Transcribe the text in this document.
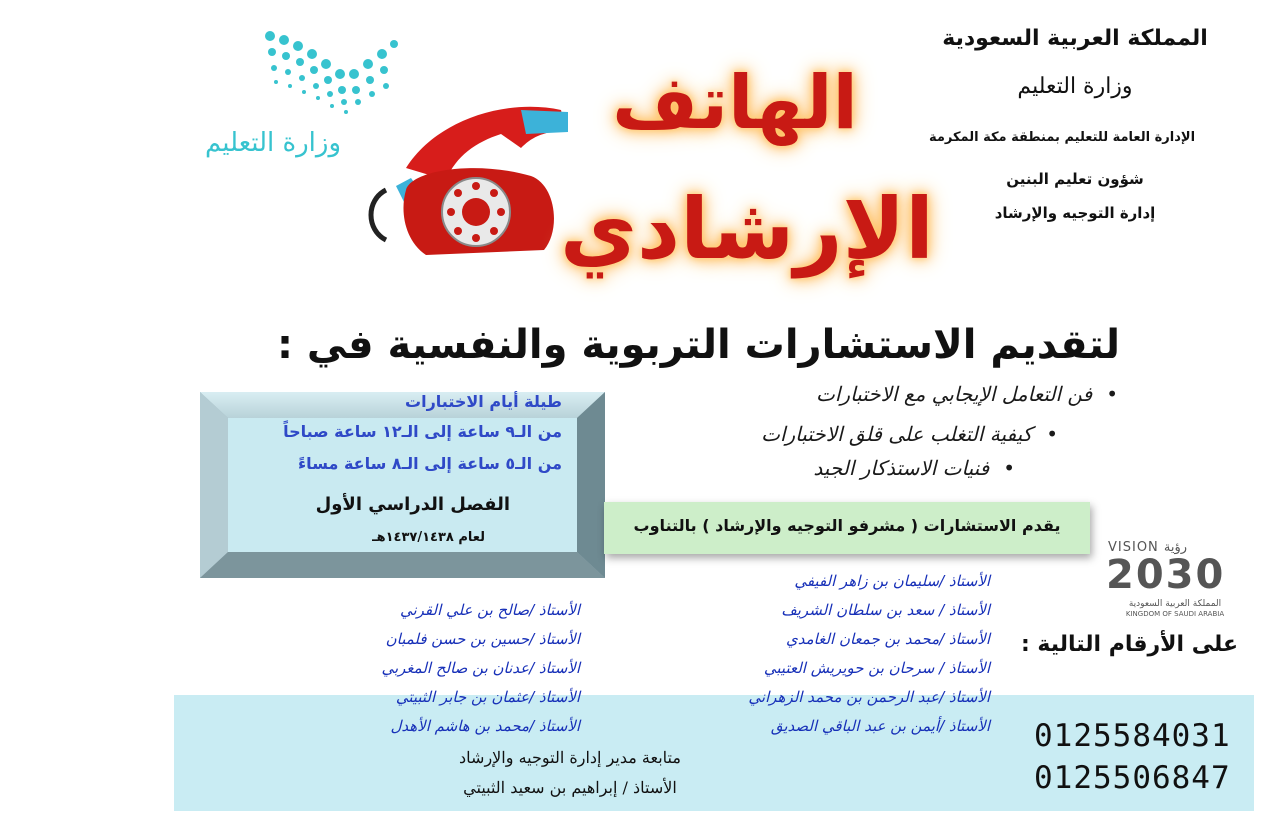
المملكة العربية السعودية
وزارة التعليم
الإدارة العامة للتعليم بمنطقة مكة المكرمة
شؤون تعليم البنين
إدارة التوجيه والإرشاد
وزارة التعليم	الهاتف
الإرشادي
لتقديم الاستشارات التربوية والنفسية في :
• فن التعامل الإيجابي مع الاختبارات
• كيفية التغلب على قلق الاختبارات
• فنيات الاستذكار الجيد
طيلة أيام الاختبارات
من الـ٩ ساعة إلى الـ١٢ ساعة صباحاً
من الـ٥ ساعة إلى الـ٨ ساعة مساءً
الفصل الدراسي الأول
لعام ١٤٣٧/١٤٣٨هـ
يقدم الاستشارات ( مشرفو التوجيه والإرشاد ) بالتناوب
الأستاذ /سليمان بن زاهر الفيفي
الأستاذ / سعد بن سلطان الشريف
الأستاذ /محمد بن جمعان الغامدي
الأستاذ / سرحان بن حويريش العتيبي
الأستاذ /عبد الرحمن بن محمد الزهراني
الأستاذ /أيمن بن عبد الباقي الصديق
الأستاذ /صالح بن علي القرني
الأستاذ /حسين بن حسن فلمبان
الأستاذ /عدنان بن صالح المغربي
الأستاذ /عثمان بن جابر الثبيتي
الأستاذ /محمد بن هاشم الأهدل
VISION رؤية
2030
المملكة العربية السعودية
KINGDOM OF SAUDI ARABIA
على الأرقام التالية :
0125584031
0125506847
متابعة مدير إدارة التوجيه والإرشاد
الأستاذ / إبراهيم بن سعيد الثبيتي
